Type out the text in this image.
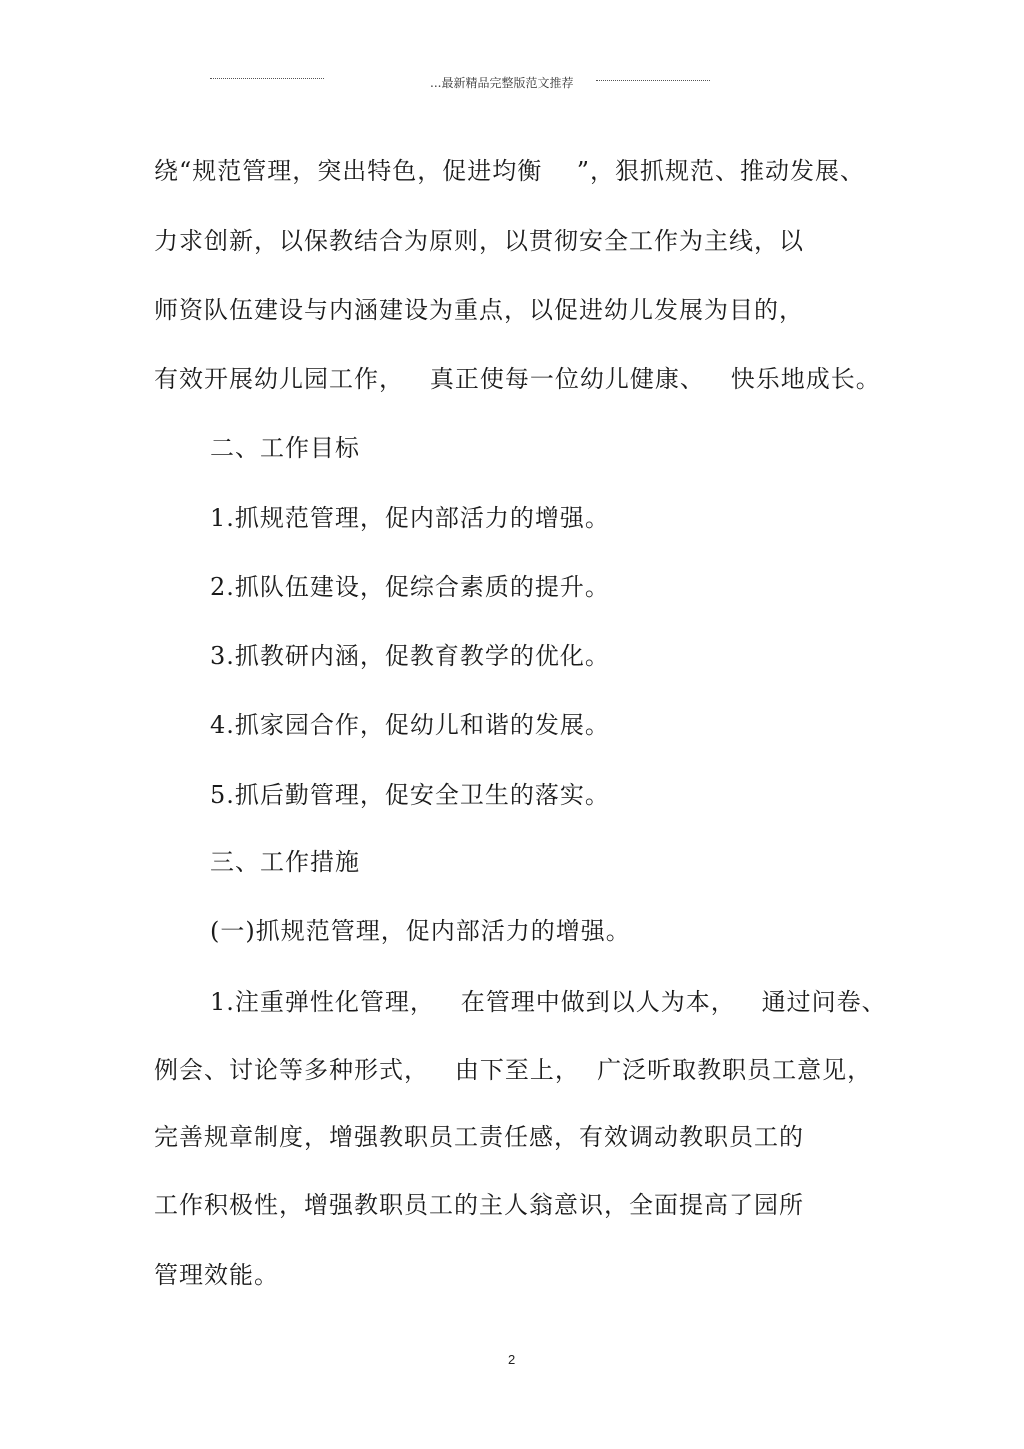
...最新精品完整版范文推荐
绕“规范管理，突出特色，促进均衡    ”，狠抓规范、推动发展、
力求创新，以保教结合为原则，以贯彻安全工作为主线，以
师资队伍建设与内涵建设为重点，以促进幼儿发展为目的，
有效开展幼儿园工作，   真正使每一位幼儿健康、   快乐地成长。
二、工作目标
1.抓规范管理，促内部活力的增强。
2.抓队伍建设，促综合素质的提升。
3.抓教研内涵，促教育教学的优化。
4.抓家园合作，促幼儿和谐的发展。
5.抓后勤管理，促安全卫生的落实。
三、工作措施
(一)抓规范管理，促内部活力的增强。
1.注重弹性化管理，   在管理中做到以人为本，   通过问卷、
例会、讨论等多种形式，   由下至上，  广泛听取教职员工意见，
完善规章制度，增强教职员工责任感，有效调动教职员工的
工作积极性，增强教职员工的主人翁意识，全面提高了园所
管理效能。
2
